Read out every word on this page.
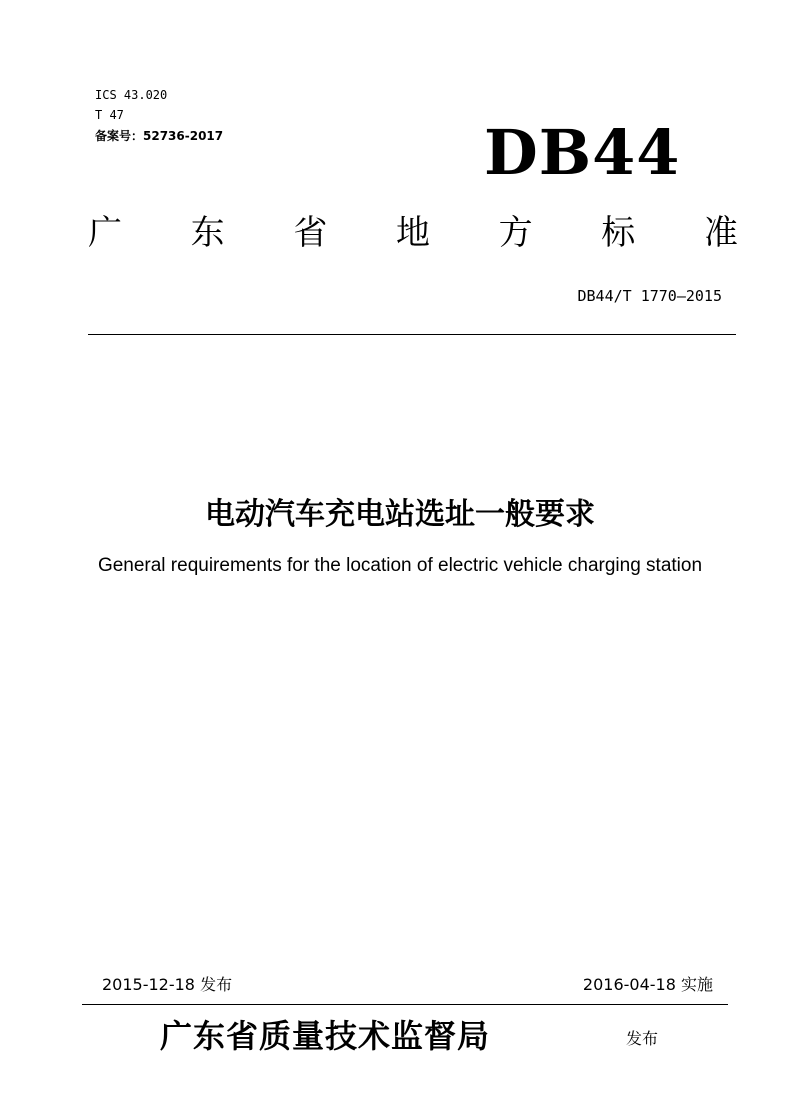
ICS 43.020
T 47
备案号：52736-2017	DB44
广 东 省 地 方 标 准
DB44/T 1770—2015
电动汽车充电站选址一般要求
General requirements for the location of electric vehicle charging station
2015-12-18 发布	2016-04-18 实施
广东省质量技术监督局	发布
